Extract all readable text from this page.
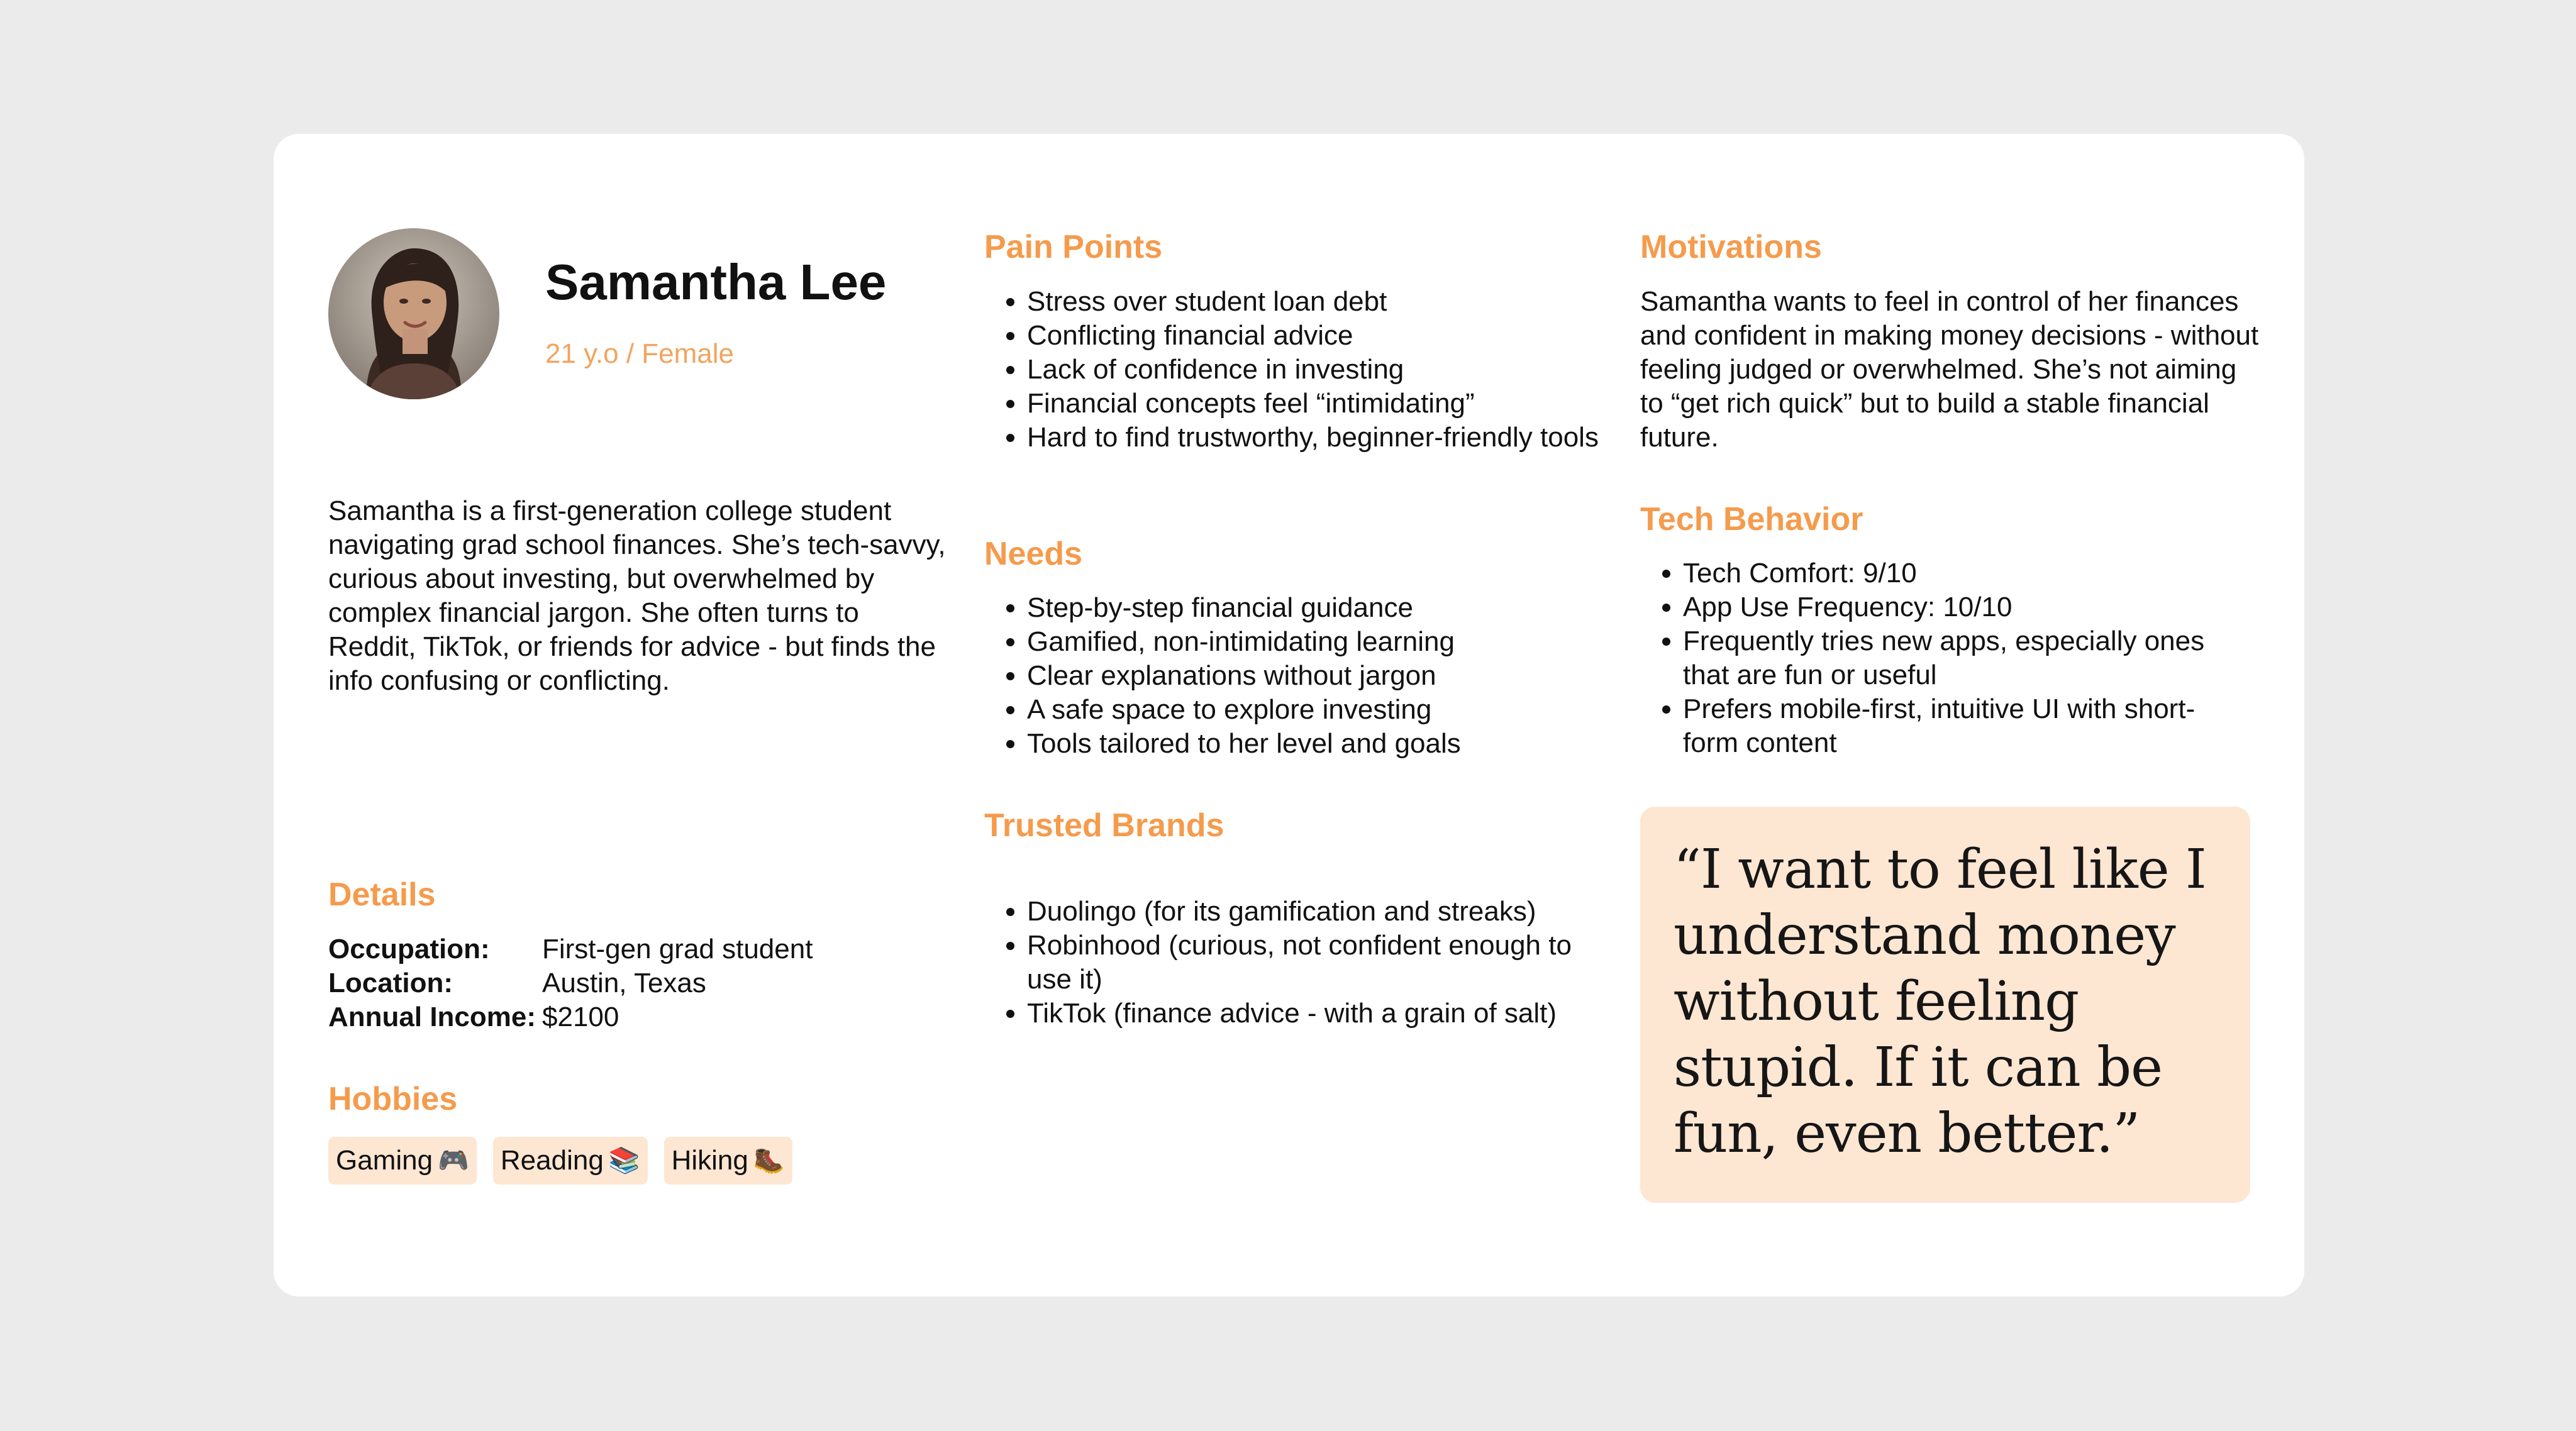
Samantha Lee
21 y.o / Female

Samantha is a first-generation college student navigating grad school finances. She’s tech-savvy, curious about investing, but overwhelmed by complex financial jargon. She often turns to Reddit, TikTok, or friends for advice - but finds the info confusing or conflicting.

Details
Occupation:	First-gen grad student
Location:	Austin, Texas
Annual Income: $2100
Hobbies
Gaming 🎮 Reading 📚 Hiking 🥾
Pain Points
• Stress over student loan debt
• Conflicting financial advice
• Lack of confidence in investing
• Financial concepts feel “intimidating”
• Hard to find trustworthy, beginner-friendly tools
Needs
• Step-by-step financial guidance
• Gamified, non-intimidating learning
• Clear explanations without jargon
• A safe space to explore investing
• Tools tailored to her level and goals
Trusted Brands
• Duolingo (for its gamification and streaks)
• Robinhood (curious, not confident enough to use it)
• TikTok (finance advice - with a grain of salt)
Motivations

Samantha wants to feel in control of her finances and confident in making money decisions - without feeling judged or overwhelmed. She’s not aiming to “get rich quick” but to build a stable financial future.

Tech Behavior
• Tech Comfort: 9/10
• App Use Frequency: 10/10
• Frequently tries new apps, especially ones that are fun or useful
• Prefers mobile-first, intuitive UI with short-form content

“I want to feel like I understand money without feeling stupid. If it can be fun, even better.”
